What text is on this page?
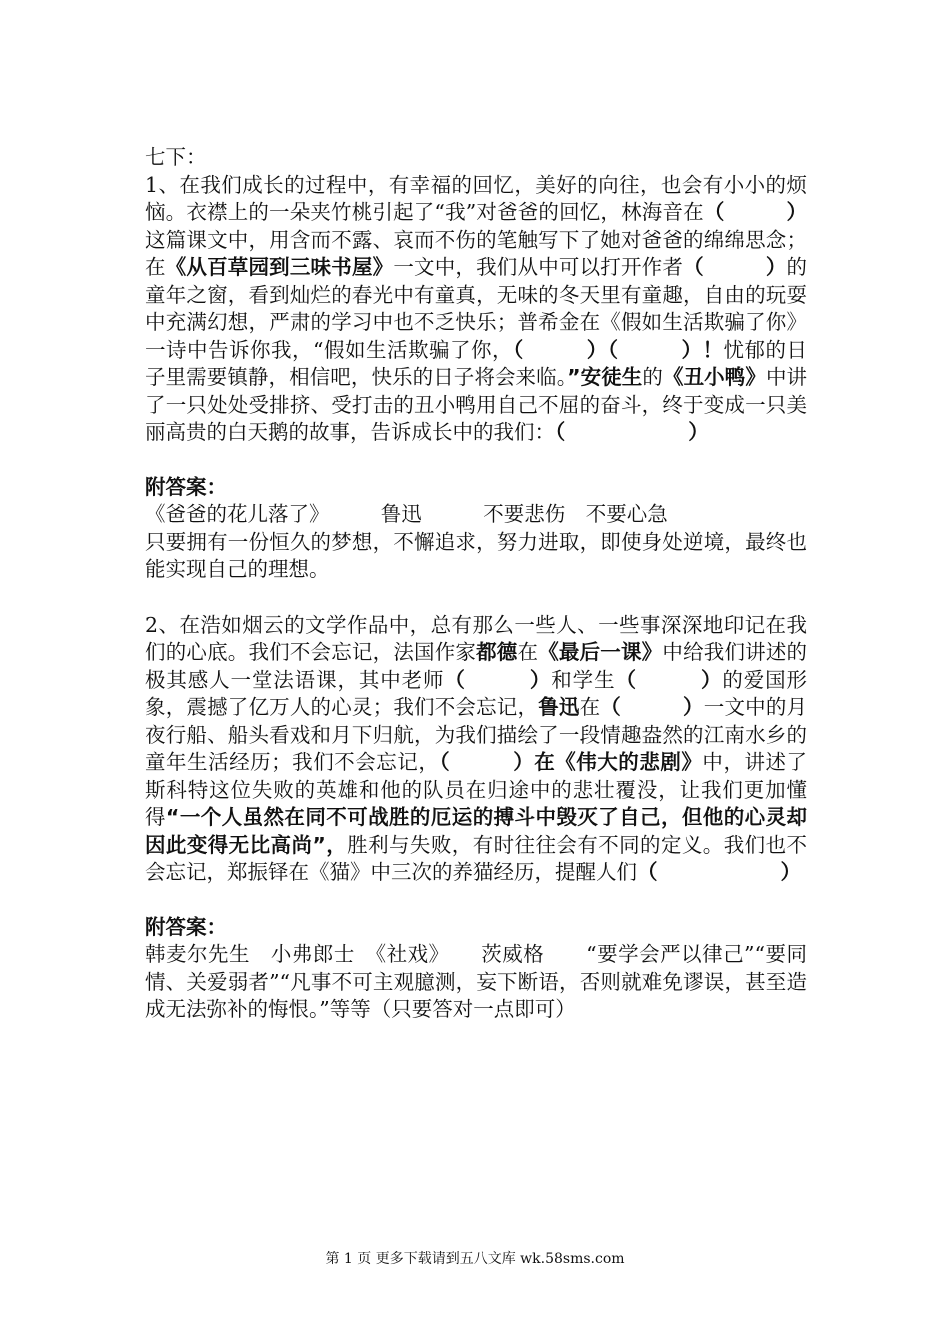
七下：

1、在我们成长的过程中，有幸福的回忆，美好的向往，也会有小小的烦恼。衣襟上的一朵夹竹桃引起了“我”对爸爸的回忆，林海音在（　　　）这篇课文中，用含而不露、哀而不伤的笔触写下了她对爸爸的绵绵思念；在《从百草园到三味书屋》一文中，我们从中可以打开作者（　　　）的童年之窗，看到灿烂的春光中有童真，无味的冬天里有童趣，自由的玩耍中充满幻想，严肃的学习中也不乏快乐；普希金在《假如生活欺骗了你》一诗中告诉你我，“假如生活欺骗了你，（　　　）（　　　）！忧郁的日子里需要镇静，相信吧，快乐的日子将会来临。”安徒生的《丑小鸭》中讲了一只处处受排挤、受打击的丑小鸭用自己不屈的奋斗，终于变成一只美丽高贵的白天鹅的故事，告诉成长中的我们：（　　　　　　）

附答案：

《爸爸的花儿落了》　　　鲁迅　　　不要悲伤　不要心急

只要拥有一份恒久的梦想，不懈追求，努力进取，即使身处逆境，最终也能实现自己的理想。

2、在浩如烟云的文学作品中，总有那么一些人、一些事深深地印记在我们的心底。我们不会忘记，法国作家都德在《最后一课》中给我们讲述的极其感人一堂法语课，其中老师（　　　）和学生（　　　）的爱国形象，震撼了亿万人的心灵；我们不会忘记，鲁迅在（　　　）一文中的月夜行船、船头看戏和月下归航，为我们描绘了一段情趣盎然的江南水乡的童年生活经历；我们不会忘记，（　　　）在《伟大的悲剧》中，讲述了斯科特这位失败的英雄和他的队员在归途中的悲壮覆没，让我们更加懂得“一个人虽然在同不可战胜的厄运的搏斗中毁灭了自己，但他的心灵却因此变得无比高尚”，胜利与失败，有时往往会有不同的定义。我们也不会忘记，郑振铎在《猫》中三次的养猫经历，提醒人们（　　　　　　）

附答案：

韩麦尔先生　小弗郎士　《社戏》　　茨威格　　“要学会严以律己”“要同情、关爱弱者”“凡事不可主观臆测，妄下断语，否则就难免谬误，甚至造成无法弥补的悔恨。”等等（只要答对一点即可）

第 1 页 更多下载请到五八文库 wk.58sms.com
